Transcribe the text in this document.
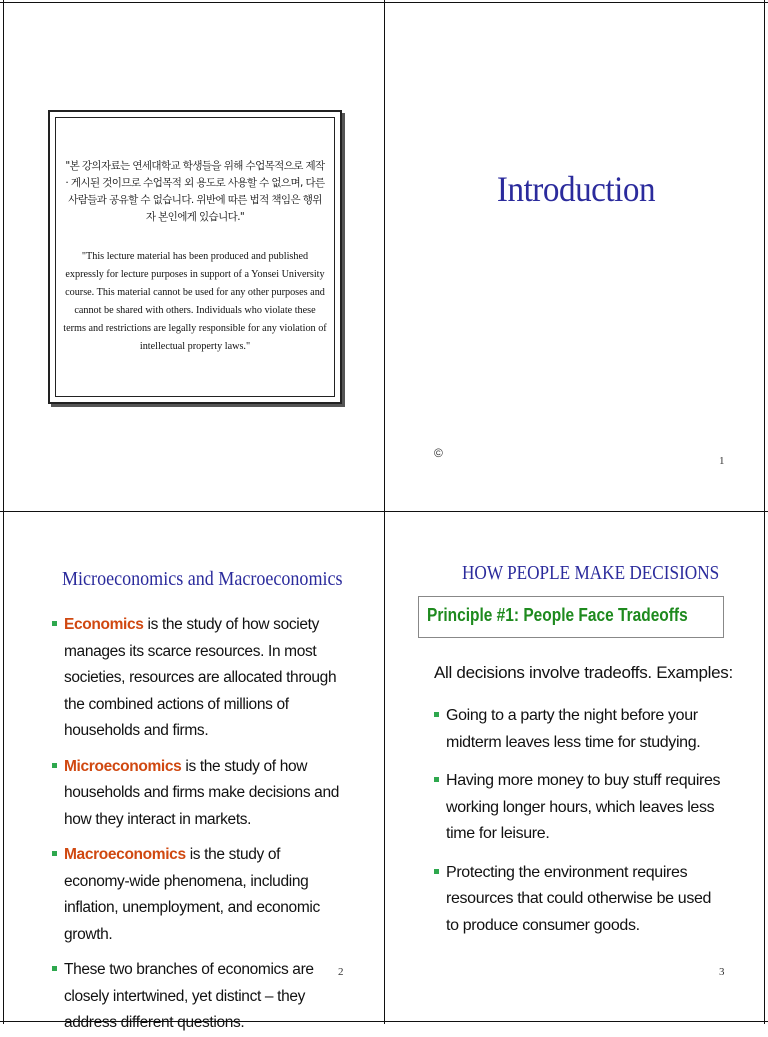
"본 강의자료는 연세대학교 학생들을 위해 수업목적으로 제작 · 게시된 것이므로 수업목적 외 용도로 사용할 수 없으며, 다른 사람들과 공유할 수 없습니다. 위반에 따른 법적 책임은 행위자 본인에게 있습니다."
"This lecture material has been produced and published expressly for lecture purposes in support of a Yonsei University course. This material cannot be used for any other purposes and cannot be shared with others. Individuals who violate these terms and restrictions are legally responsible for any violation of intellectual property laws."
Introduction
©
1
Microeconomics and Macroeconomics
Economics is the study of how society manages its scarce resources. In most societies, resources are allocated through the combined actions of millions of households and firms.
Microeconomics is the study of how households and firms make decisions and how they interact in markets.
Macroeconomics is the study of economy-wide phenomena, including inflation, unemployment, and economic growth.
These two branches of economics are closely intertwined, yet distinct – they address different questions.
2
HOW PEOPLE MAKE DECISIONS
Principle #1: People Face Tradeoffs
All decisions involve tradeoffs. Examples:
Going to a party the night before your midterm leaves less time for studying.
Having more money to buy stuff requires working longer hours, which leaves less time for leisure.
Protecting the environment requires resources that could otherwise be used to produce consumer goods.
3
